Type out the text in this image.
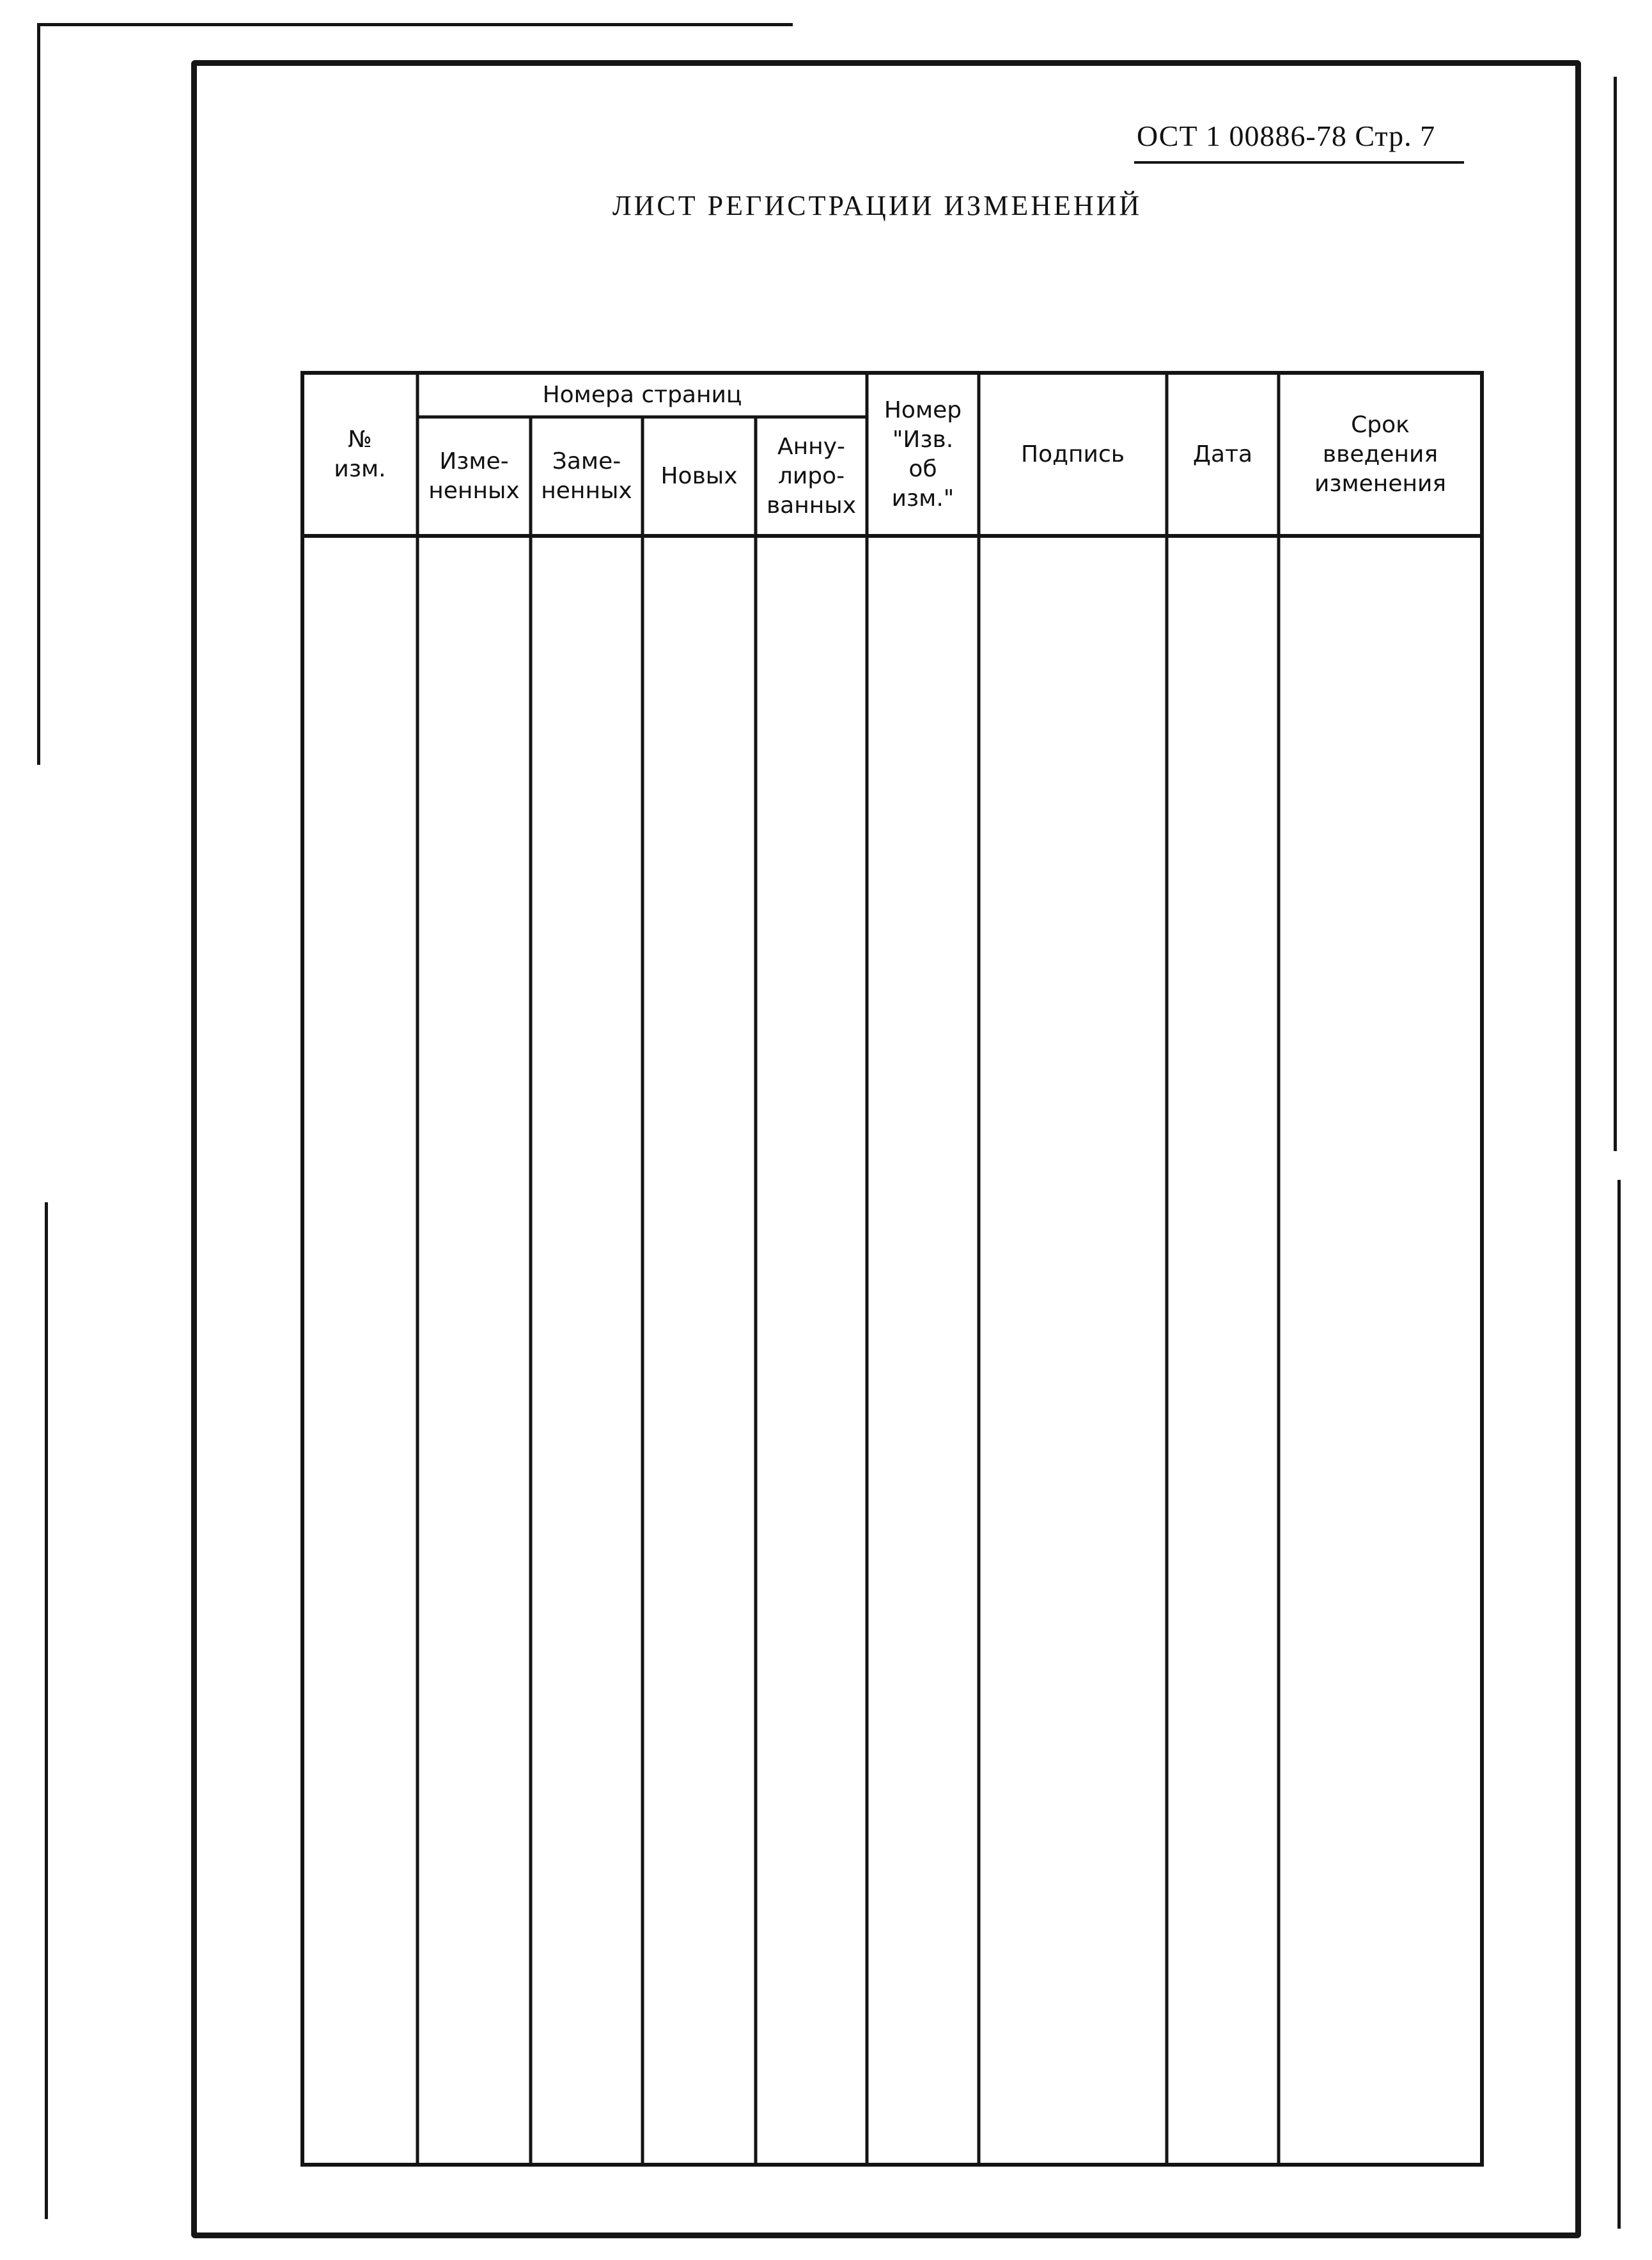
ОСТ 1 00886-78 Стр. 7
ЛИСТ РЕГИСТРАЦИИ ИЗМЕНЕНИЙ
Номера страниц
№
изм.	Изме-
ненных
Заме-
ненных
Новых
Анну-
лиро-
ванных
Номер
"Изв.
об
изм."
Подпись	Дата
Срок
введения
изменения
